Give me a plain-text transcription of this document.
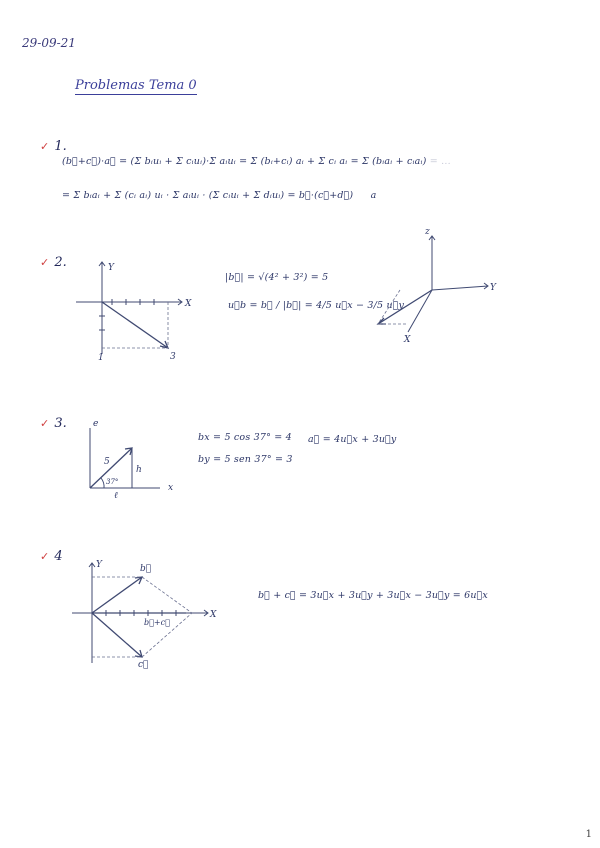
29-09-21
Problemas Tema 0
✓ 1.
(b⃗+c⃗)·a⃗ = (Σ bᵢuᵢ + Σ cᵢuᵢ)·Σ aᵢuᵢ = Σ (bᵢ+cᵢ) aᵢ + Σ cᵢ aᵢ = Σ (bᵢaᵢ + cᵢaᵢ) = ...
= Σ bᵢaᵢ + Σ (cᵢ aᵢ) uᵢ · Σ aᵢuᵢ · (Σ cᵢuᵢ + Σ dᵢuᵢ) = b⃗·(c⃗+d⃗) a
✓ 2.	Y
X
1	3
|b⃗| = √(4² + 3²) = 5
u⃗b = b⃗ / |b⃗| = 4/5 u⃗x − 3/5 u⃗y
z
Y
X
✓ 3.	e
x
5
h
ℓ
37°
bx = 5 cos 37° = 4
by = 5 sen 37° = 3
a⃗ = 4u⃗x + 3u⃗y
✓ 4
Y
X
b⃗
c⃗
b⃗+c⃗
b⃗ + c⃗ = 3u⃗x + 3u⃗y + 3u⃗x − 3u⃗y = 6u⃗x
1
